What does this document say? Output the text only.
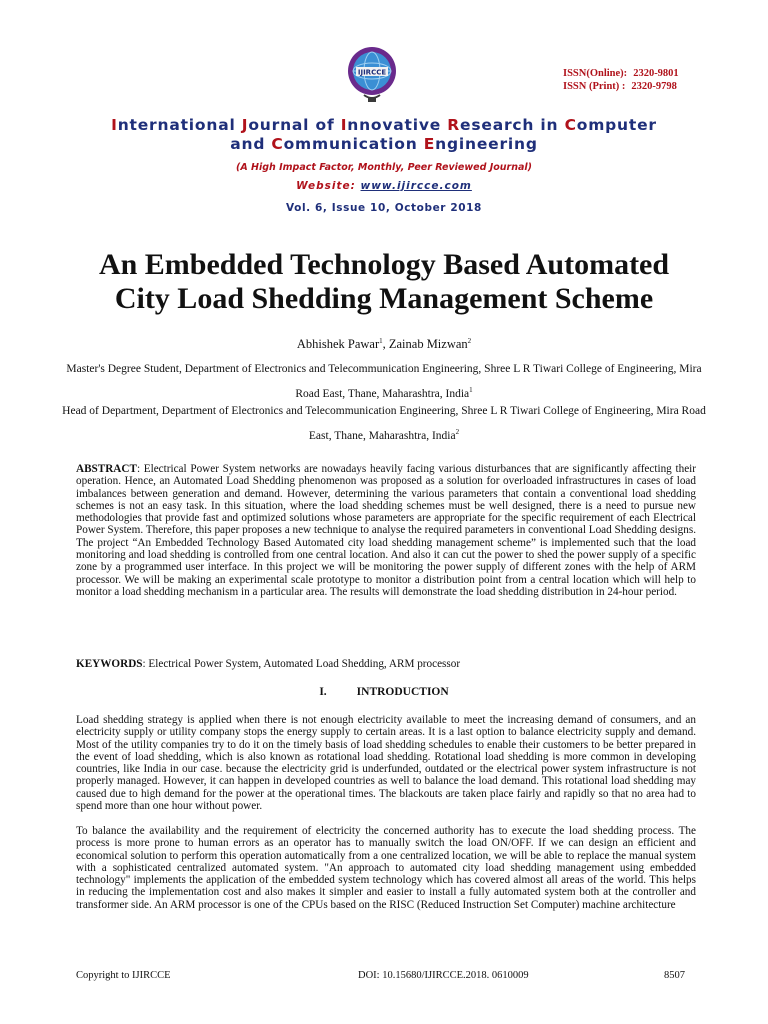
IJIRCCE	ISSN(Online): 2320-9801
ISSN (Print) : 2320-9798
International Journal of Innovative Research in Computer
and Communication Engineering
(A High Impact Factor, Monthly, Peer Reviewed Journal)
Website: www.ijircce.com
Vol. 6, Issue 10, October 2018
An Embedded Technology Based Automated
City Load Shedding Management Scheme
Abhishek Pawar$^1$, Zainab Mizwan$^2$
Master's Degree Student, Department of Electronics and Telecommunication Engineering, Shree L R Tiwari College of Engineering, Mira Road East, Thane, Maharashtra, India$^1$
Head of Department, Department of Electronics and Telecommunication Engineering, Shree L R Tiwari College of Engineering, Mira Road East, Thane, Maharashtra, India$^2$
ABSTRACT: Electrical Power System networks are nowadays heavily facing various disturbances that are significantly affecting their operation. Hence, an Automated Load Shedding phenomenon was proposed as a solution for overloaded infrastructures in cases of load imbalances between generation and demand. However, determining the various parameters that contain a conventional load shedding schemes is not an easy task. In this situation, where the load shedding schemes must be well designed, there is a need to pursue new methodologies that provide fast and optimized solutions whose parameters are appropriate for the specific requirement of each Electrical Power System. Therefore, this paper proposes a new technique to analyse the required parameters in conventional Load Shedding designs. The project “An Embedded Technology Based Automated city load shedding management scheme” is implemented such that the load monitoring and load shedding is controlled from one central location. And also it can cut the power to shed the power supply of a specific zone by a programmed user interface. In this project we will be monitoring the power supply of different zones with the help of ARM processor. We will be making an experimental scale prototype to monitor a distribution point from a central location which will help to monitor a load shedding mechanism in a particular area. The results will demonstrate the load shedding distribution in 24-hour period.
KEYWORDS: Electrical Power System, Automated Load Shedding, ARM processor
I.	INTRODUCTION
Load shedding strategy is applied when there is not enough electricity available to meet the increasing demand of consumers, and an electricity supply or utility company stops the energy supply to certain areas. It is a last option to balance electricity supply and demand. Most of the utility companies try to do it on the timely basis of load shedding schedules to enable their customers to be better prepared in the event of load shedding, which is also known as rotational load shedding. Rotational load shedding is more common in developing countries, like India in our case. because the electricity grid is underfunded, outdated or the electrical power system infrastructure is not properly managed. However, it can happen in developed countries as well to balance the load demand. This rotational load shedding may caused due to high demand for the power at the operational times. The blackouts are taken place fairly and rapidly so that no area had to spend more than one hour without power.
To balance the availability and the requirement of electricity the concerned authority has to execute the load shedding process. The process is more prone to human errors as an operator has to manually switch the load ON/OFF. If we can design an efficient and economical solution to perform this operation automatically from a one centralized location, we will be able to replace the manual system with a sophisticated centralized automated system. "An approach to automated city load shedding management using embedded technology" implements the application of the embedded system technology which has covered almost all areas of the world. This helps in reducing the implementation cost and also makes it simpler and easier to install a fully automated system both at the controller and transformer side. An ARM processor is one of the CPUs based on the RISC (Reduced Instruction Set Computer) machine architecture
Copyright to IJIRCCE	DOI: 10.15680/IJIRCCE.2018. 0610009	8507
